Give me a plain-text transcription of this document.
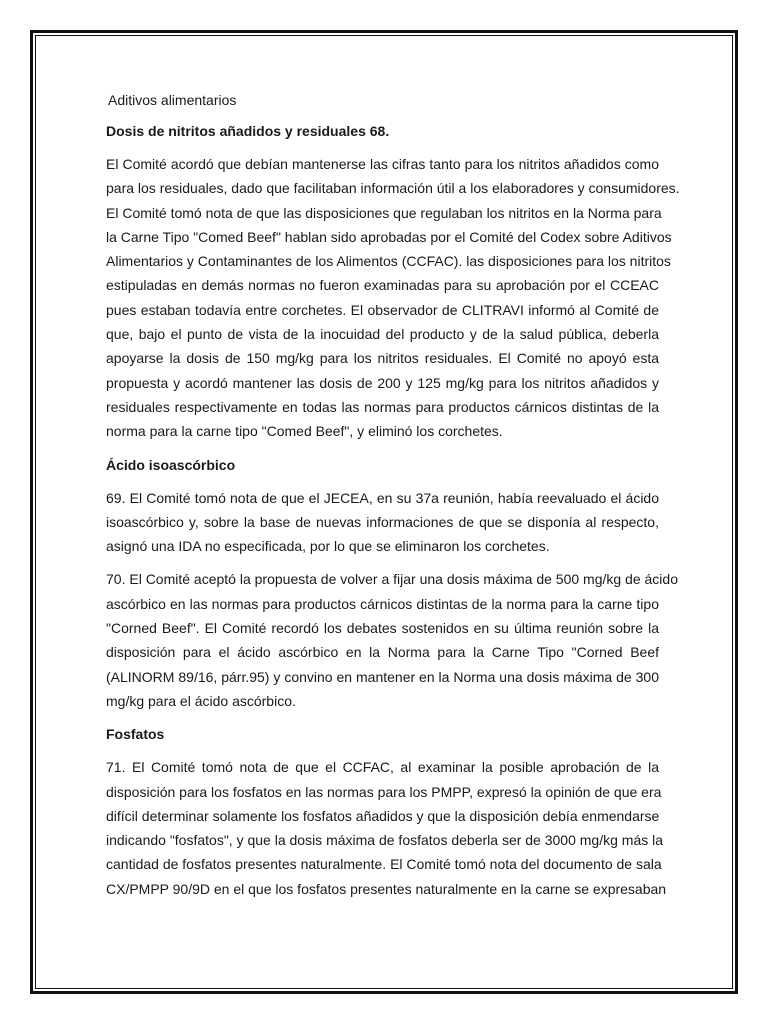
Aditivos alimentarios

Dosis de nitritos añadidos y residuales 68.

El Comité acordó que debían mantenerse las cifras tanto para los nitritos añadidos como

para los residuales, dado que facilitaban información útil a los elaboradores y consumidores.

El Comité tomó nota de que las disposiciones que regulaban los nitritos en la Norma para

la Carne Tipo "Comed Beef" hablan sido aprobadas por el Comité del Codex sobre Aditivos

Alimentarios y Contaminantes de los Alimentos (CCFAC). las disposiciones para los nitritos

estipuladas en demás normas no fueron examinadas para su aprobación por el CCEAC

pues estaban todavía entre corchetes. El observador de CLITRAVI informó al Comité de

que, bajo el punto de vista de la inocuidad del producto y de la salud pública, deberla

apoyarse la dosis de 150 mg/kg para los nitritos residuales. El Comité no apoyó esta

propuesta y acordó mantener las dosis de 200 y 125 mg/kg para los nitritos añadidos y

residuales respectivamente en todas las normas para productos cárnicos distintas de la

norma para la carne tipo "Comed Beef", y eliminó los corchetes.

Ácido isoascórbico

69. El Comité tomó nota de que el JECEA, en su 37a reunión, había reevaluado el ácido

isoascórbico y, sobre la base de nuevas informaciones de que se disponía al respecto,

asignó una IDA no especificada, por lo que se eliminaron los corchetes.

70. El Comité aceptó la propuesta de volver a fijar una dosis máxima de 500 mg/kg de ácido

ascórbico en las normas para productos cárnicos distintas de la norma para la carne tipo

"Corned Beef". El Comité recordó los debates sostenidos en su última reunión sobre la

disposición para el ácido ascórbico en la Norma para la Carne Tipo "Corned Beef

(ALINORM 89/16, párr.95) y convino en mantener en la Norma una dosis máxima de 300

mg/kg para el ácido ascórbico.

Fosfatos

71. El Comité tomó nota de que el CCFAC, al examinar la posible aprobación de la

disposición para los fosfatos en las normas para los PMPP, expresó la opinión de que era

difícil determinar solamente los fosfatos añadidos y que la disposición debía enmendarse

indicando "fosfatos", y que la dosis máxima de fosfatos deberla ser de 3000 mg/kg más la

cantidad de fosfatos presentes naturalmente. El Comité tomó nota del documento de sala

CX/PMPP 90/9D en el que los fosfatos presentes naturalmente en la carne se expresaban
